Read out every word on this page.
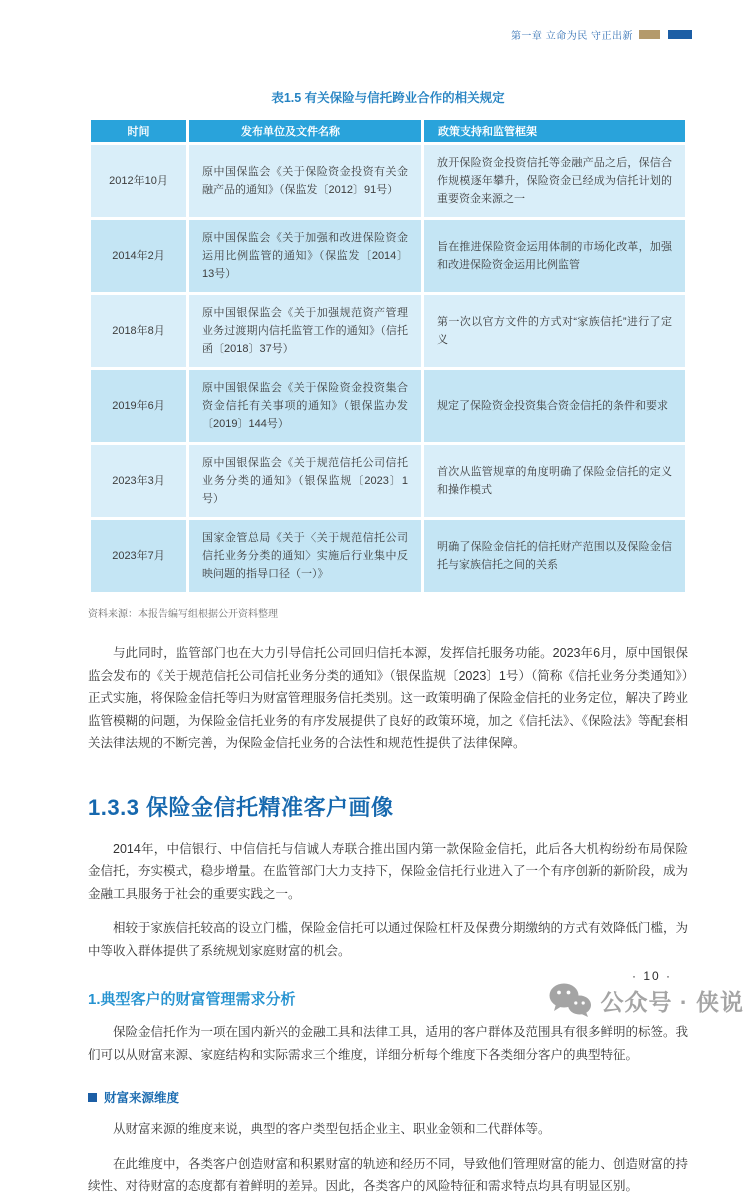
第一章 立命为民 守正出新
表1.5 有关保险与信托跨业合作的相关规定
时间	发布单位及文件名称	政策支持和监管框架
2012年10月	原中国保监会《关于保险资金投资有关金融产品的通知》（保监发〔2012〕91号）	放开保险资金投资信托等金融产品之后，保信合作规模逐年攀升，保险资金已经成为信托计划的重要资金来源之一
2014年2月	原中国保监会《关于加强和改进保险资金运用比例监管的通知》（保监发〔2014〕13号）	旨在推进保险资金运用体制的市场化改革，加强和改进保险资金运用比例监管
2018年8月	原中国银保监会《关于加强规范资产管理业务过渡期内信托监管工作的通知》（信托函〔2018〕37号）	第一次以官方文件的方式对“家族信托”进行了定义
2019年6月	原中国银保监会《关于保险资金投资集合资金信托有关事项的通知》（银保监办发〔2019〕144号）	规定了保险资金投资集合资金信托的条件和要求
2023年3月	原中国银保监会《关于规范信托公司信托业务分类的通知》（银保监规〔2023〕1号）	首次从监管规章的角度明确了保险金信托的定义和操作模式
2023年7月	国家金管总局《关于〈关于规范信托公司信托业务分类的通知〉实施后行业集中反映问题的指导口径（一）》	明确了保险金信托的信托财产范围以及保险金信托与家族信托之间的关系
资料来源：本报告编写组根据公开资料整理

与此同时，监管部门也在大力引导信托公司回归信托本源，发挥信托服务功能。2023年6月，原中国银保监会发布的《关于规范信托公司信托业务分类的通知》（银保监规〔2023〕1号）（简称《信托业务分类通知》）正式实施，将保险金信托等归为财富管理服务信托类别。这一政策明确了保险金信托的业务定位，解决了跨业监管模糊的问题，为保险金信托业务的有序发展提供了良好的政策环境，加之《信托法》、《保险法》等配套相关法律法规的不断完善，为保险金信托业务的合法性和规范性提供了法律保障。

1.3.3 保险金信托精准客户画像

2014年，中信银行、中信信托与信诚人寿联合推出国内第一款保险金信托，此后各大机构纷纷布局保险金信托，夯实模式，稳步增量。在监管部门大力支持下，保险金信托行业进入了一个有序创新的新阶段，成为金融工具服务于社会的重要实践之一。

相较于家族信托较高的设立门槛，保险金信托可以通过保险杠杆及保费分期缴纳的方式有效降低门槛，为中等收入群体提供了系统规划家庭财富的机会。

1.典型客户的财富管理需求分析

保险金信托作为一项在国内新兴的金融工具和法律工具，适用的客户群体及范围具有很多鲜明的标签。我们可以从财富来源、家庭结构和实际需求三个维度，详细分析每个维度下各类细分客户的典型特征。

财富来源维度

从财富来源的维度来说，典型的客户类型包括企业主、职业金领和二代群体等。

在此维度中，各类客户创造财富和积累财富的轨迹和经历不同，导致他们管理财富的能力、创造财富的持续性、对待财富的态度都有着鲜明的差异。因此，各类客户的风险特征和需求特点均具有明显区别。

· 10 ·
公众号 · 侠说
